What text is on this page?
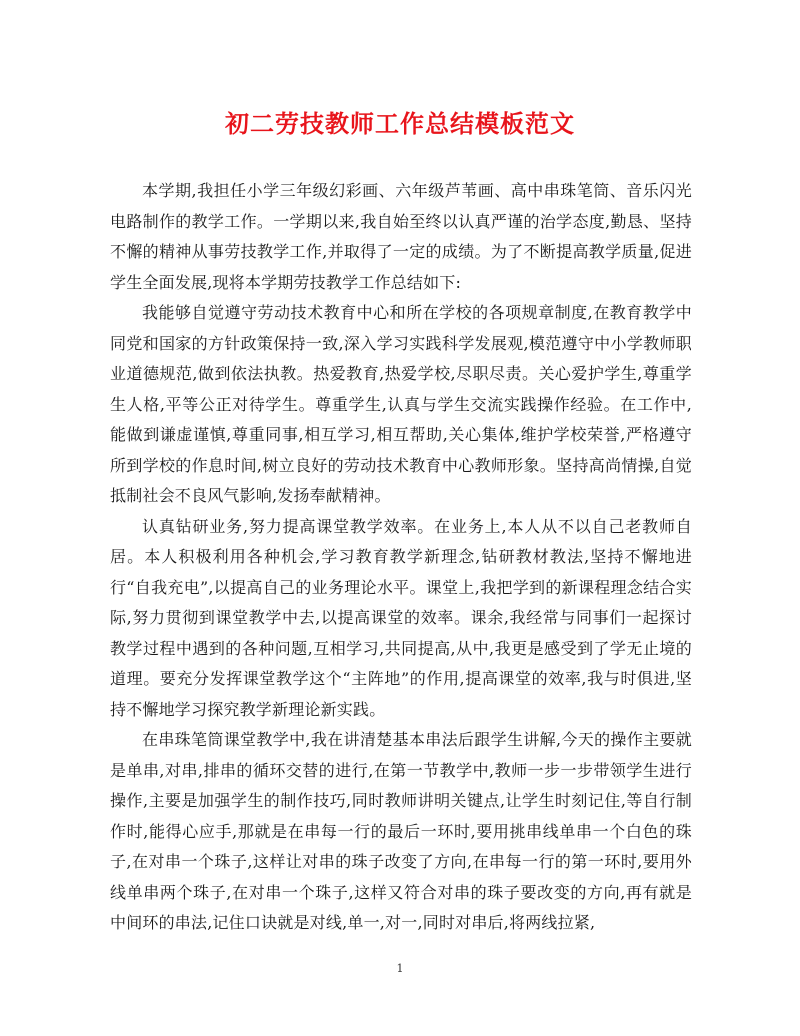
初二劳技教师工作总结模板范文

本学期,我担任小学三年级幻彩画、六年级芦苇画、高中串珠笔筒、音乐闪光电路制作的教学工作。一学期以来,我自始至终以认真严谨的治学态度,勤恳、坚持不懈的精神从事劳技教学工作,并取得了一定的成绩。为了不断提高教学质量,促进学生全面发展,现将本学期劳技教学工作总结如下:

我能够自觉遵守劳动技术教育中心和所在学校的各项规章制度,在教育教学中同党和国家的方针政策保持一致,深入学习实践科学发展观,模范遵守中小学教师职业道德规范,做到依法执教。热爱教育,热爱学校,尽职尽责。关心爱护学生,尊重学生人格,平等公正对待学生。尊重学生,认真与学生交流实践操作经验。在工作中,能做到谦虚谨慎,尊重同事,相互学习,相互帮助,关心集体,维护学校荣誉,严格遵守所到学校的作息时间,树立良好的劳动技术教育中心教师形象。坚持高尚情操,自觉抵制社会不良风气影响,发扬奉献精神。

认真钻研业务,努力提高课堂教学效率。在业务上,本人从不以自己老教师自居。本人积极利用各种机会,学习教育教学新理念,钻研教材教法,坚持不懈地进行“自我充电”,以提高自己的业务理论水平。课堂上,我把学到的新课程理念结合实际,努力贯彻到课堂教学中去,以提高课堂的效率。课余,我经常与同事们一起探讨教学过程中遇到的各种问题,互相学习,共同提高,从中,我更是感受到了学无止境的道理。要充分发挥课堂教学这个“主阵地”的作用,提高课堂的效率,我与时俱进,坚持不懈地学习探究教学新理论新实践。

在串珠笔筒课堂教学中,我在讲清楚基本串法后跟学生讲解,今天的操作主要就是单串,对串,排串的循环交替的进行,在第一节教学中,教师一步一步带领学生进行操作,主要是加强学生的制作技巧,同时教师讲明关键点,让学生时刻记住,等自行制作时,能得心应手,那就是在串每一行的最后一环时,要用挑串线单串一个白色的珠子,在对串一个珠子,这样让对串的珠子改变了方向,在串每一行的第一环时,要用外线单串两个珠子,在对串一个珠子,这样又符合对串的珠子要改变的方向,再有就是中间环的串法,记住口诀就是对线,单一,对一,同时对串后,将两线拉紧,

1
